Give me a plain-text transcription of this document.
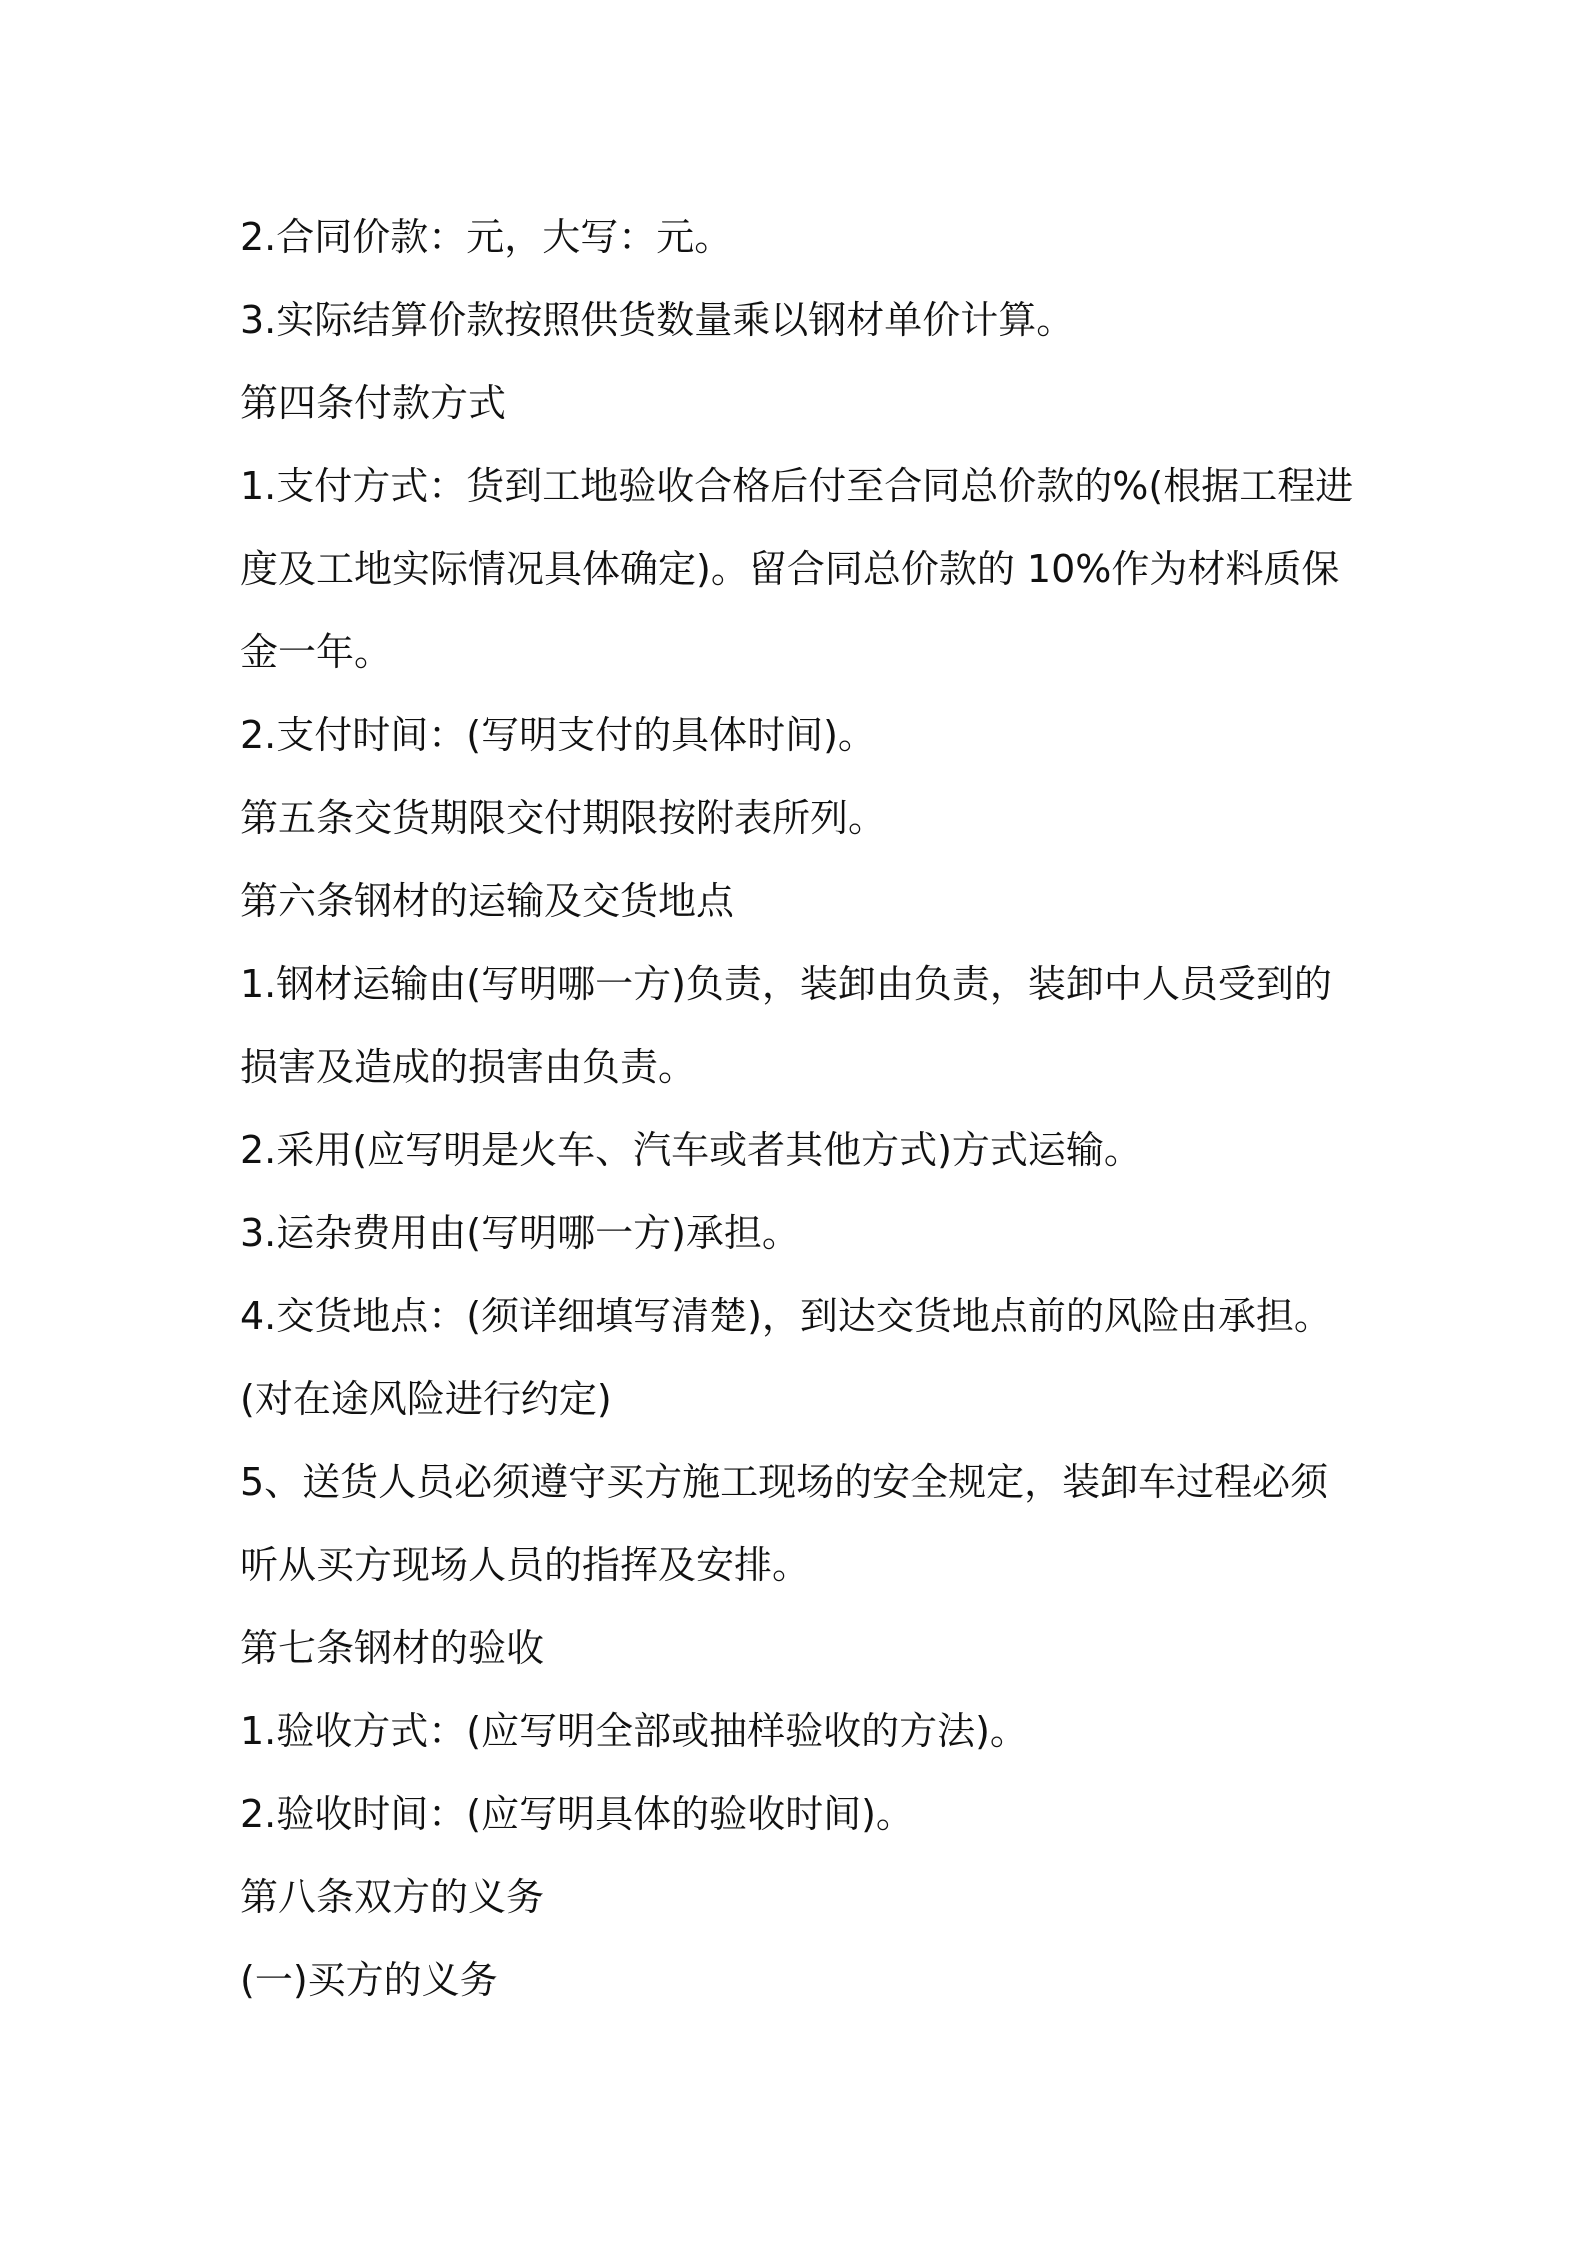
2.合同价款：元，大写：元。

3.实际结算价款按照供货数量乘以钢材单价计算。

第四条付款方式

1.支付方式：货到工地验收合格后付至合同总价款的%(根据工程进度及工地实际情况具体确定)。留合同总价款的 10%作为材料质保金一年。

2.支付时间：(写明支付的具体时间)。

第五条交货期限交付期限按附表所列。

第六条钢材的运输及交货地点

1.钢材运输由(写明哪一方)负责，装卸由负责，装卸中人员受到的损害及造成的损害由负责。

2.采用(应写明是火车、汽车或者其他方式)方式运输。

3.运杂费用由(写明哪一方)承担。

4.交货地点：(须详细填写清楚)，到达交货地点前的风险由承担。(对在途风险进行约定)

5、送货人员必须遵守买方施工现场的安全规定，装卸车过程必须听从买方现场人员的指挥及安排。

第七条钢材的验收

1.验收方式：(应写明全部或抽样验收的方法)。

2.验收时间：(应写明具体的验收时间)。

第八条双方的义务

(一)买方的义务
